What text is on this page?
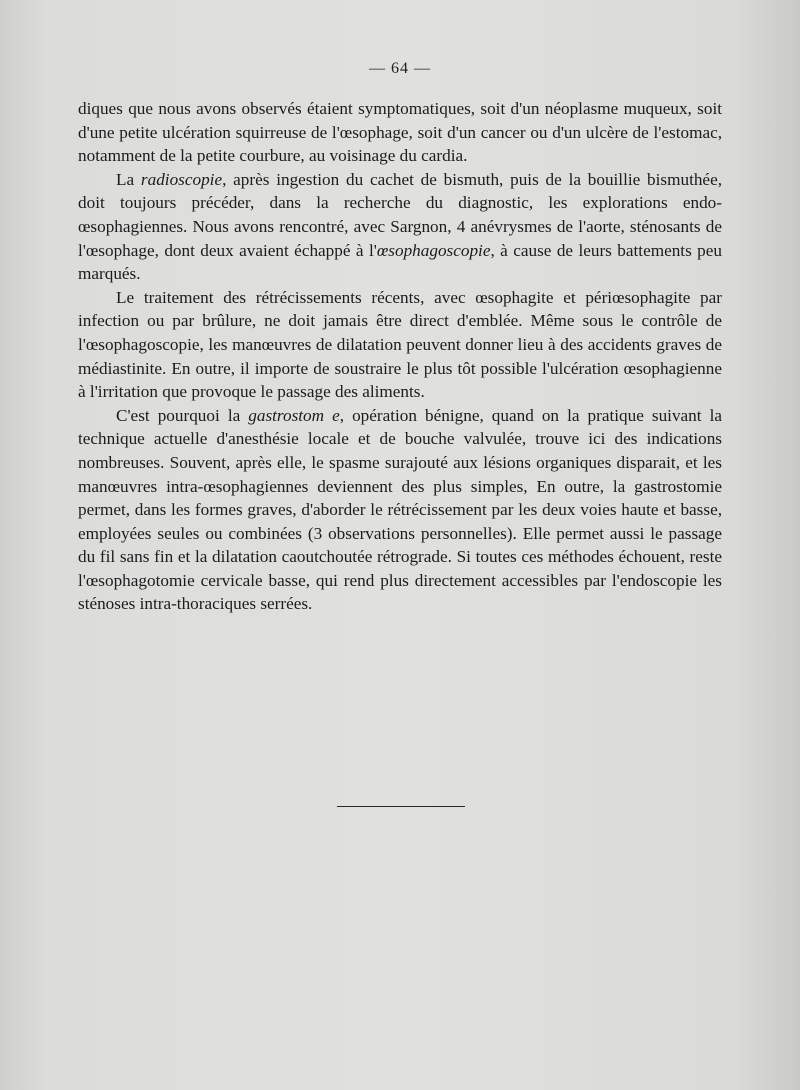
— 64 —

diques que nous avons observés étaient symptomatiques, soit d'un néoplasme muqueux, soit d'une petite ulcération squirreuse de l'œsophage, soit d'un cancer ou d'un ulcère de l'estomac, notamment de la petite courbure, au voisinage du cardia.

La radioscopie, après ingestion du cachet de bismuth, puis de la bouillie bismuthée, doit toujours précéder, dans la recherche du diagnostic, les explorations endo-œsophagiennes. Nous avons rencontré, avec Sargnon, 4 anévrysmes de l'aorte, sténosants de l'œsophage, dont deux avaient échappé à l'œsophagoscopie, à cause de leurs battements peu marqués.

Le traitement des rétrécissements récents, avec œsophagite et périœsophagite par infection ou par brûlure, ne doit jamais être direct d'emblée. Même sous le contrôle de l'œsophagoscopie, les manœuvres de dilatation peuvent donner lieu à des accidents graves de médiastinite. En outre, il importe de soustraire le plus tôt possible l'ulcération œsophagienne à l'irritation que provoque le passage des aliments.

C'est pourquoi la gastrostom e, opération bénigne, quand on la pratique suivant la technique actuelle d'anesthésie locale et de bouche valvulée, trouve ici des indications nombreuses. Souvent, après elle, le spasme surajouté aux lésions organiques disparait, et les manœuvres intra-œsophagiennes deviennent des plus simples, En outre, la gastrostomie permet, dans les formes graves, d'aborder le rétrécissement par les deux voies haute et basse, employées seules ou combinées (3 observations personnelles). Elle permet aussi le passage du fil sans fin et la dilatation caoutchoutée rétrograde. Si toutes ces méthodes échouent, reste l'œsophagotomie cervicale basse, qui rend plus directement accessibles par l'endoscopie les sténoses intra-thoraciques serrées.
